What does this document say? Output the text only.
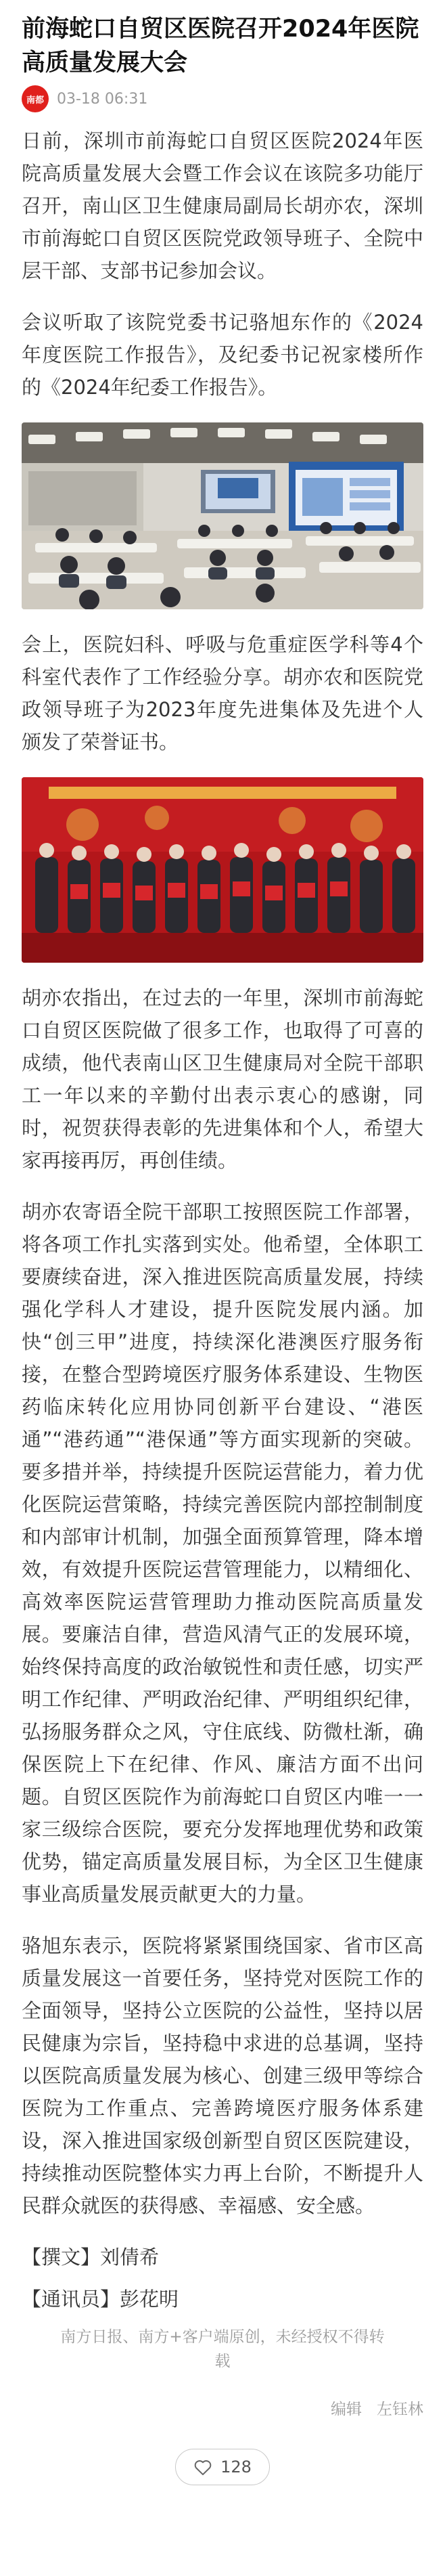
前海蛇口自贸区医院召开2024年医院高质量发展大会
南都 03-18 06:31

日前，深圳市前海蛇口自贸区医院2024年医院高质量发展大会暨工作会议在该院多功能厅召开，南山区卫生健康局副局长胡亦农，深圳市前海蛇口自贸区医院党政领导班子、全院中层干部、支部书记参加会议。

会议听取了该院党委书记骆旭东作的《2024年度医院工作报告》，及纪委书记祝家楼所作的《2024年纪委工作报告》。

会上，医院妇科、呼吸与危重症医学科等4个科室代表作了工作经验分享。胡亦农和医院党政领导班子为2023年度先进集体及先进个人颁发了荣誉证书。

胡亦农指出，在过去的一年里，深圳市前海蛇口自贸区医院做了很多工作，也取得了可喜的成绩，他代表南山区卫生健康局对全院干部职工一年以来的辛勤付出表示衷心的感谢，同时，祝贺获得表彰的先进集体和个人，希望大家再接再厉，再创佳绩。

胡亦农寄语全院干部职工按照医院工作部署，将各项工作扎实落到实处。他希望，全体职工要赓续奋进，深入推进医院高质量发展，持续强化学科人才建设，提升医院发展内涵。加快“创三甲”进度，持续深化港澳医疗服务衔接，在整合型跨境医疗服务体系建设、生物医药临床转化应用协同创新平台建设、“港医通”“港药通”“港保通”等方面实现新的突破。要多措并举，持续提升医院运营能力，着力优化医院运营策略，持续完善医院内部控制制度和内部审计机制，加强全面预算管理，降本增效，有效提升医院运营管理能力，以精细化、高效率医院运营管理助力推动医院高质量发展。要廉洁自律，营造风清气正的发展环境，始终保持高度的政治敏锐性和责任感，切实严明工作纪律、严明政治纪律、严明组织纪律，弘扬服务群众之风，守住底线、防微杜渐，确保医院上下在纪律、作风、廉洁方面不出问题。自贸区医院作为前海蛇口自贸区内唯一一家三级综合医院，要充分发挥地理优势和政策优势，锚定高质量发展目标，为全区卫生健康事业高质量发展贡献更大的力量。

骆旭东表示，医院将紧紧围绕国家、省市区高质量发展这一首要任务，坚持党对医院工作的全面领导，坚持公立医院的公益性，坚持以居民健康为宗旨，坚持稳中求进的总基调，坚持以医院高质量发展为核心、创建三级甲等综合医院为工作重点、完善跨境医疗服务体系建设，深入推进国家级创新型自贸区医院建设，持续推动医院整体实力再上台阶，不断提升人民群众就医的获得感、幸福感、安全感。

【撰文】刘倩希

【通讯员】彭花明

南方日报、南方+客户端原创，未经授权不得转载

编辑 左钰林
128
